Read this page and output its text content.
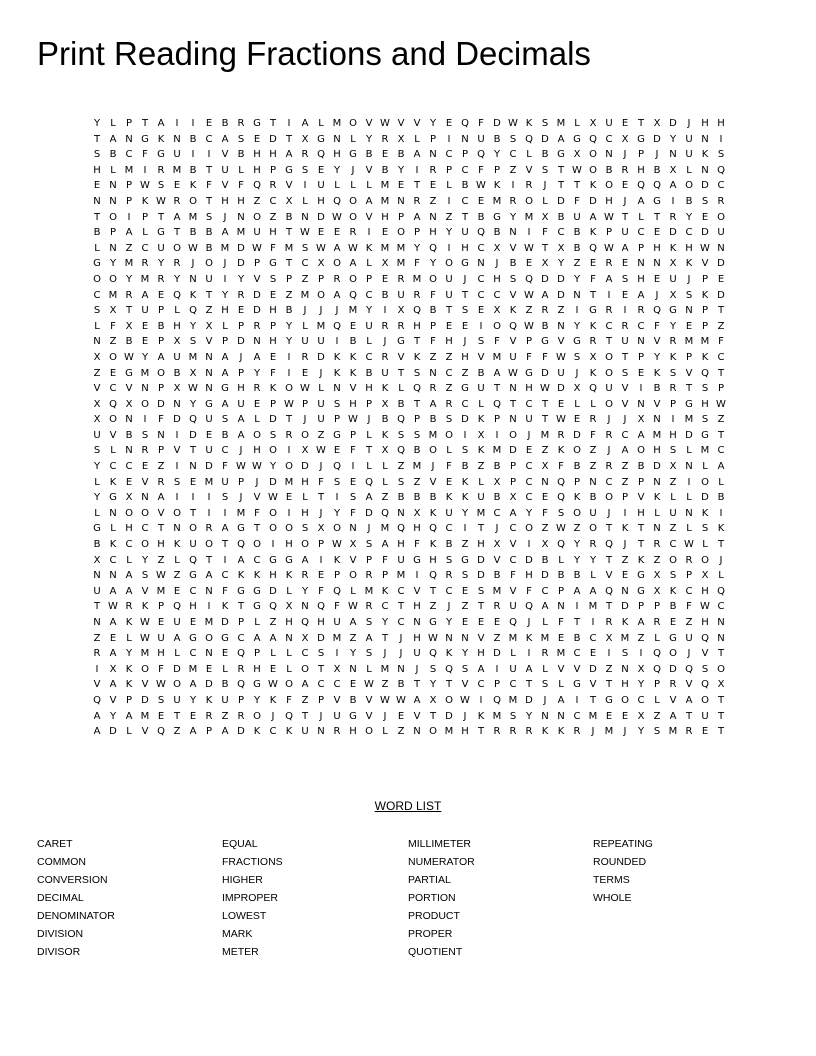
Print Reading Fractions and Decimals
Y	L	P T A	I	I	E B R G T	I	A L M O V W V V Y E Q F D W K S M L X U E T X D	J	H H
T A N G K N B C A S E D T X G N L	Y R X L	P	I	N U B S Q D A G Q C X G D Y U N	I
S B C F G U	I	I	V B H H A R Q H G B E B A N C P Q Y C L B G X O N	J	P	J	N U K S
H L M	I	R M B T U L H P G S E Y	J	V B Y	I	R P C F	P Z V S T W O B R H B X L N Q
E N P W S E K F V F Q R V	I	U L	L	L M E T E	L B W K	I	R	J	T T K O E Q Q A O D C
N N P K W R O T H H Z C X L H Q O A M N R Z	I	C E M R O L D F D H	J	A G	I	B S R
T O	I	P T A M S	J	N O Z B N D W O V H P A N Z T B G Y M X B U A W T	L	T R Y E O
B P A L G T B B A M U H T W E E R	I	E O P H Y U Q B N	I	F C B K P U C E D C D U
L N Z C U O W B M D W F M S W A W K M M Y Q	I	H C X V W T X B Q W A P H K H W N
G Y M R Y R	J	O	J	D P G T C X O A L X M F	Y O G N	J	B E X Y Z E R E N N X K V D
O O Y M R Y N U	I	Y V S P Z P R O P E R M O U	J	C H S Q D D Y	F A S H E U	J	P E
C M R A E Q K T Y R D E Z M O A Q C B U R F U T C C V W A D N T	I	E A	J	X S K D
S X T U P	L Q Z H E D H B	J	J	J	M Y	I	X Q B T S E X K Z R Z	I	G R	I	R Q G N P T
L	F X E B H Y X L	P R P Y	L M Q E U R R H P E E	I	O Q W B N Y K C R C F	Y E P Z
N Z B E P X S V P D N H Y U U	I	B L	J	G T	F H	J	S F V P G V G R T U N V R M M F
X O W Y A U M N A	J	A E	I	R D K K C R V K Z Z H V M U F	F W S X O T P Y K P K C
Z E G M O B X N A P Y	F	I	E	J	K K B U T S N C Z B A W G D U	J	K O S E K S V Q T
V C V N P X W N G H R K O W L N V H K L Q R Z G U T N H W D X Q U V	I	B R T S P
X Q X O D N Y G A U E P W P U S H P X B T A R C L Q T C T E	L	L O V N V P G H W
X O N	I	F D Q U S A L D T	J	U P W J	B Q P B S D K P N U T W E R	J	J	X N	I	M S Z
U V B S N	I	D E B A O S R O Z G P	L K S S M O	I	X	I	O	J	M R D F R C A M H D G T
S	L N R P V T U C	J	H O	I	X W E F	T X Q B O L	S K M D E Z K O Z	J	A O H S	L M C
Y C C E Z	I	N D F W W Y O D	J	Q	I	L	L Z M	J	F B Z B P C X F B Z R Z B D X N L A
L K E V R S E M U P	J	D M H F S E Q L	S Z V E K L X P C N Q P N C Z P N Z	I	O L
Y G X N A	I	I	I	S	J	V W E	L	T	I	S A Z B B B K K U B X C E Q K B O P V K L	L D B
L N O O V O T	I	I	M F O	I	H	J	Y	F D Q N X K U Y M C A Y	F S O U	J	I	H L U N K	I
G L H C T N O R A G T O O S X O N	J	M Q H Q C	I	T	J	C O Z W Z O T K T N Z L	S K
B K C O H K U O T Q O	I	H O P W X S A H F K B Z H X V	I	X Q Y R Q	J	T R C W L	T
X C L	Y Z L Q T	I	A C G G A	I	K V P	F U G H S G D V C D B L	Y Y T Z K Z O R O	J
N N A S W Z G A C K K H K R E P O R P M	I	Q R S D B F H D B B L V E G X S P X L
U A A V M E C N F G G D L	Y	F Q L M K C V T C E S M V F C P A A Q N G X K C H Q
T W R K P Q H	I	K T G Q X N Q F W R C T H Z	J	Z T R U Q A N	I	M T D P P B F W C
N A K W E U E M D P	L Z H Q H U A S Y C N G Y E E E Q	J	L	F	T	I	R K A R E Z H N
Z E	L W U A G O G C A A N X D M Z A T	J	H W N N V Z M K M E B C X M Z L G U Q N
R A Y M H L C N E Q P	L	L C S	I	Y S	J	J	U Q K Y H D L	I	R M C E	I	S	I	Q O	J	V T
I	X K O F D M E	L R H E	L O T X N L M N	J	S Q S A	I	U A L V V D Z N X Q D Q S O
V A K V W O A D B Q G W O A C C E W Z B T Y T V C P C T S	L G V T H Y P R V Q X
Q V P D S U Y K U P Y K F Z P V B V W W A X O W I	Q M D	J	A	I	T G O C L V A O T
A Y A M E T E R Z R O	J	Q T	J	U G V	J	E V T D	J	K M S Y N N C M E E X Z A T U T
A D L V Q Z A P A D K C K U N R H O L Z N O M H T R R R K K R	J	M	J	Y S M R E T
WORD LIST
CARET
COMMON
CONVERSION
DECIMAL
DENOMINATOR
DIVISION
DIVISOR
EQUAL
FRACTIONS
HIGHER
IMPROPER
LOWEST
MARK
METER
MILLIMETER
NUMERATOR
PARTIAL
PORTION
PRODUCT
PROPER
QUOTIENT
REPEATING
ROUNDED
TERMS
WHOLE
